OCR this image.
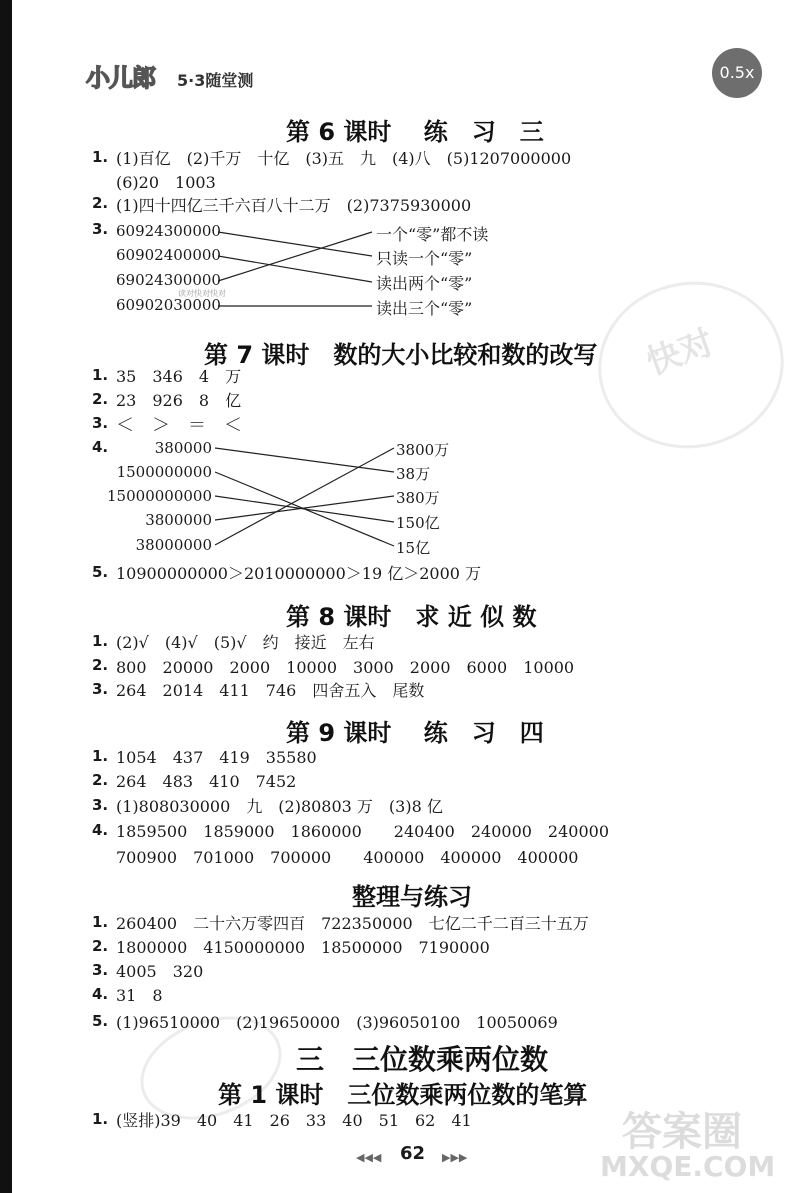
快对
答案圈
MXQE.COM
小儿郎 5·3随堂测	0.5x
第 6 课时　 练　习　三
1. (1)百亿　(2)千万　十亿　(3)五　九　(4)八　(5)1207000000
(6)20　1003
2. (1)四十四亿三千六百八十二万　(2)7375930000
3. 60924300000
60902400000
69024300000
60902030000
读对快对快对
一个“零”都不读
只读一个“零”
读出两个“零”
读出三个“零”
第 7 课时　数的大小比较和数的改写
1. 35　346　4　万
2. 23　926　8　亿
3. ＜　＞　＝　＜
4.	380000
1500000000
15000000000
3800000
38000000
3800万
38万
380万
150亿
15亿
5. 10900000000＞2010000000＞19 亿＞2000 万
第 8 课时　求 近 似 数
1. (2)√　(4)√　(5)√　约　接近　左右
2. 800　20000　2000　10000　3000　2000　6000　10000
3. 264　2014　411　746　四舍五入　尾数
第 9 课时　 练　习　四
1. 1054　437　419　35580
2. 264　483　410　7452
3. (1)808030000　九　(2)80803 万　(3)8 亿
4. 1859500　1859000　1860000　　240400　240000　240000
700900　701000　700000　　400000　400000　400000
整理与练习
1. 260400　二十六万零四百　722350000　七亿二千二百三十五万
2. 1800000　4150000000　18500000　7190000
3. 4005　320
4. 31　8
5. (1)96510000　(2)19650000　(3)96050100　10050069
三　三位数乘两位数
第 1 课时　三位数乘两位数的笔算
1. (竖排)39　40　41　26　33　40　51　62　41
◀◀◀ 62 ▶▶▶
